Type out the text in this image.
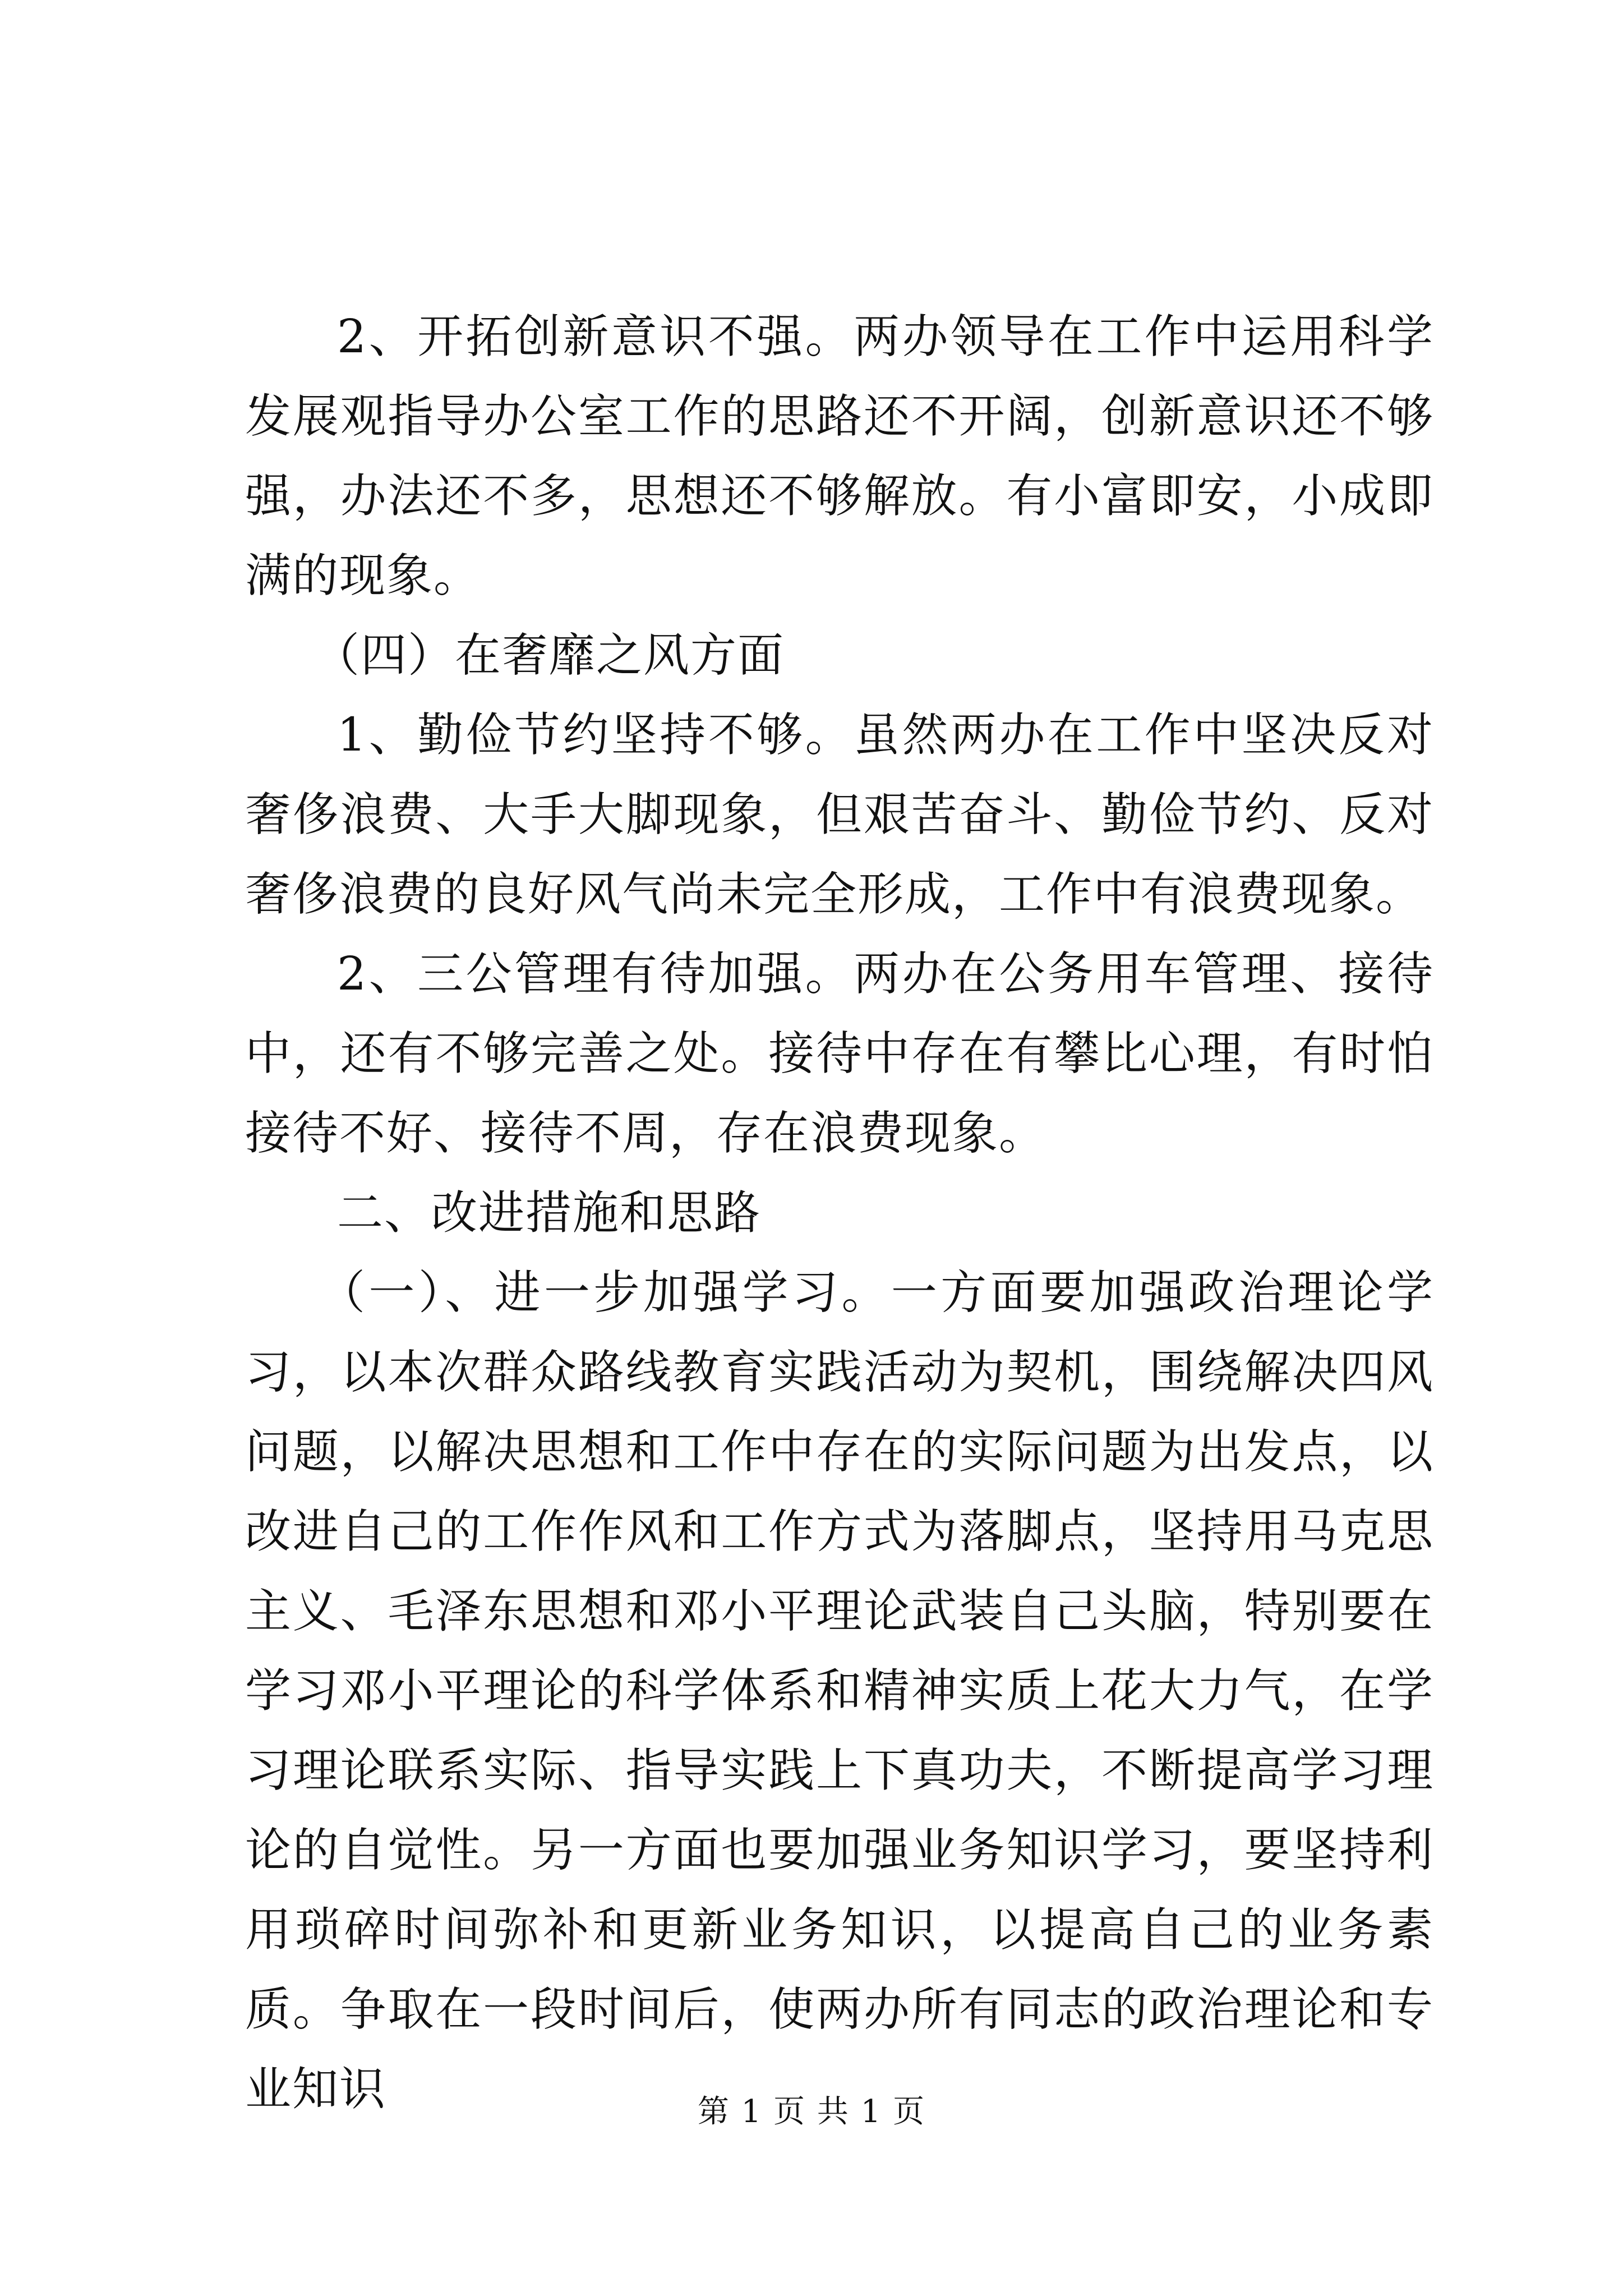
2、开拓创新意识不强。两办领导在工作中运用科学发展观指导办公室工作的思路还不开阔，创新意识还不够强，办法还不多，思想还不够解放。有小富即安，小成即满的现象。

（四）在奢靡之风方面

1、勤俭节约坚持不够。虽然两办在工作中坚决反对奢侈浪费、大手大脚现象，但艰苦奋斗、勤俭节约、反对奢侈浪费的良好风气尚未完全形成，工作中有浪费现象。

2、三公管理有待加强。两办在公务用车管理、接待中，还有不够完善之处。接待中存在有攀比心理，有时怕接待不好、接待不周，存在浪费现象。

二、改进措施和思路

（一）、进一步加强学习。一方面要加强政治理论学习，以本次群众路线教育实践活动为契机，围绕解决四风问题，以解决思想和工作中存在的实际问题为出发点，以改进自己的工作作风和工作方式为落脚点，坚持用马克思主义、毛泽东思想和邓小平理论武装自己头脑，特别要在学习邓小平理论的科学体系和精神实质上花大力气，在学习理论联系实际、指导实践上下真功夫，不断提高学习理论的自觉性。另一方面也要加强业务知识学习，要坚持利用琐碎时间弥补和更新业务知识，以提高自己的业务素质。争取在一段时间后，使两办所有同志的政治理论和专业知识	第 1 页 共 1 页
